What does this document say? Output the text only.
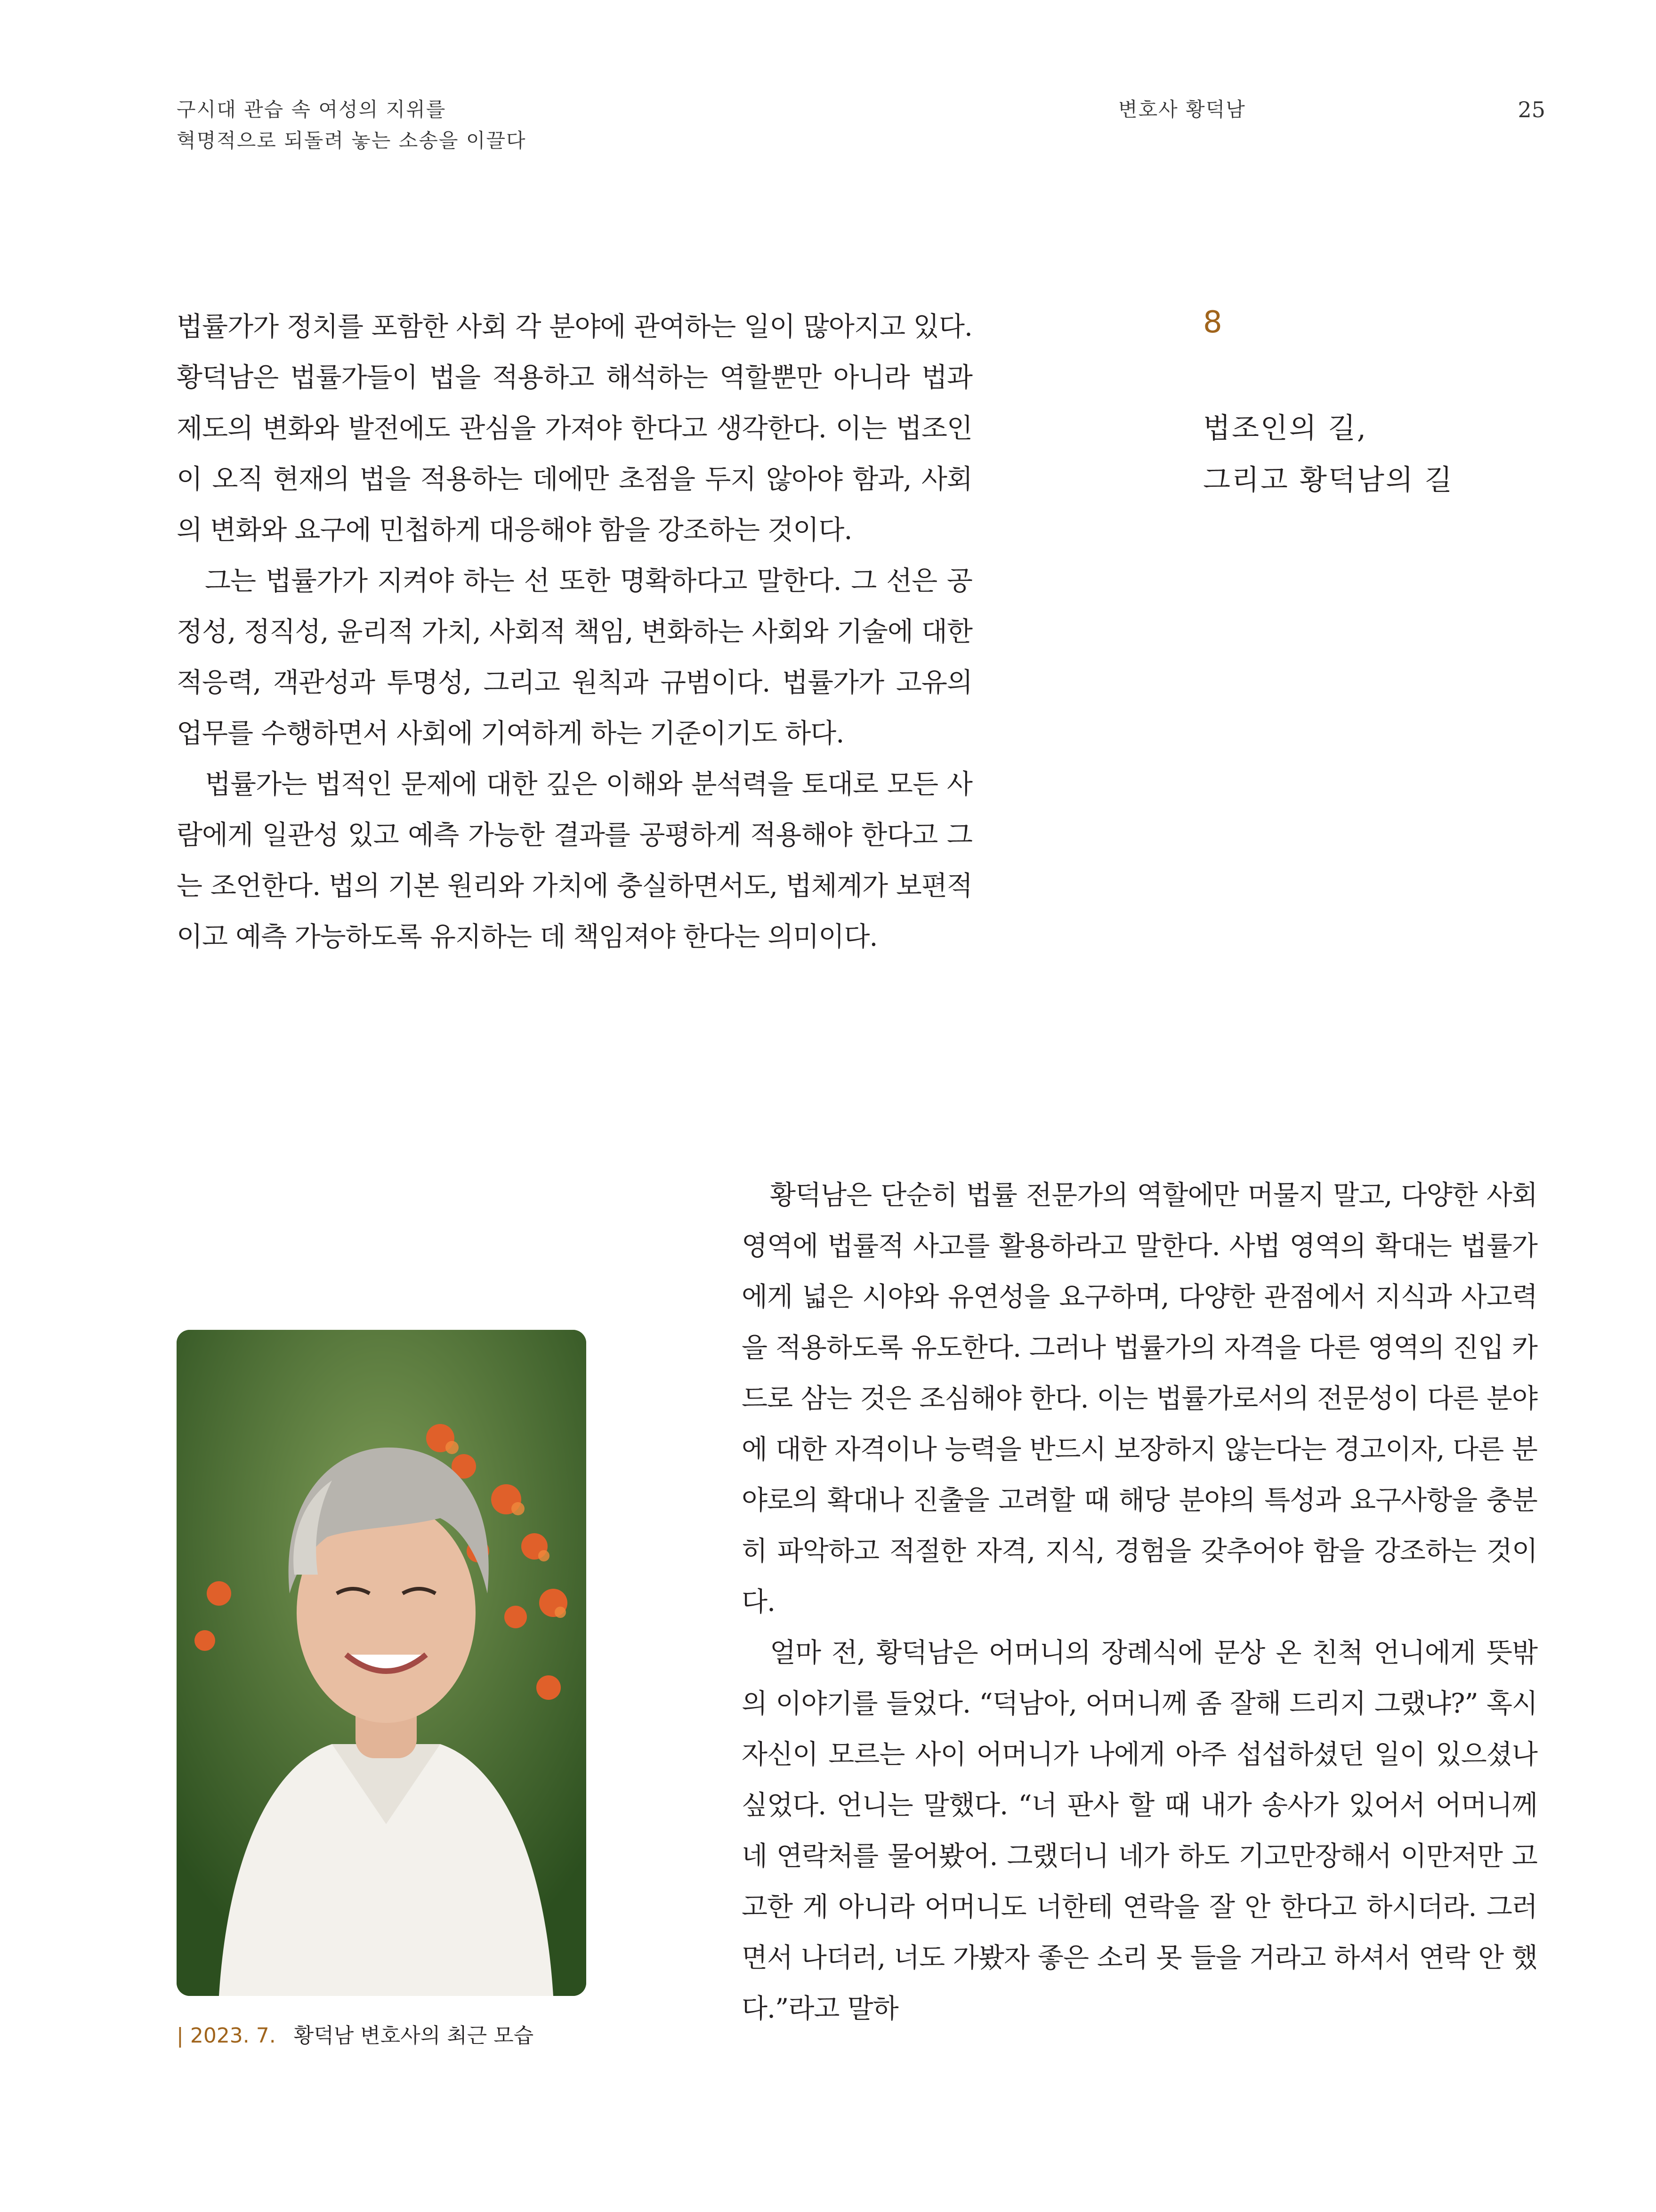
구시대 관습 속 여성의 지위를
혁명적으로 되돌려 놓는 소송을 이끌다
변호사 황덕남	25
8
법조인의 길,
그리고 황덕남의 길

법률가가 정치를 포함한 사회 각 분야에 관여하는 일이 많아지고 있다. 황덕남은 법률가들이 법을 적용하고 해석하는 역할뿐만 아니라 법과 제도의 변화와 발전에도 관심을 가져야 한다고 생각한다. 이는 법조인이 오직 현재의 법을 적용하는 데에만 초점을 두지 않아야 함과, 사회의 변화와 요구에 민첩하게 대응해야 함을 강조하는 것이다.

그는 법률가가 지켜야 하는 선 또한 명확하다고 말한다. 그 선은 공정성, 정직성, 윤리적 가치, 사회적 책임, 변화하는 사회와 기술에 대한 적응력, 객관성과 투명성, 그리고 원칙과 규범이다. 법률가가 고유의 업무를 수행하면서 사회에 기여하게 하는 기준이기도 하다.

법률가는 법적인 문제에 대한 깊은 이해와 분석력을 토대로 모든 사람에게 일관성 있고 예측 가능한 결과를 공평하게 적용해야 한다고 그는 조언한다. 법의 기본 원리와 가치에 충실하면서도, 법체계가 보편적이고 예측 가능하도록 유지하는 데 책임져야 한다는 의미이다.

| 2023. 7. 황덕남 변호사의 최근 모습

황덕남은 단순히 법률 전문가의 역할에만 머물지 말고, 다양한 사회 영역에 법률적 사고를 활용하라고 말한다. 사법 영역의 확대는 법률가에게 넓은 시야와 유연성을 요구하며, 다양한 관점에서 지식과 사고력을 적용하도록 유도한다. 그러나 법률가의 자격을 다른 영역의 진입 카드로 삼는 것은 조심해야 한다. 이는 법률가로서의 전문성이 다른 분야에 대한 자격이나 능력을 반드시 보장하지 않는다는 경고이자, 다른 분야로의 확대나 진출을 고려할 때 해당 분야의 특성과 요구사항을 충분히 파악하고 적절한 자격, 지식, 경험을 갖추어야 함을 강조하는 것이다.

얼마 전, 황덕남은 어머니의 장례식에 문상 온 친척 언니에게 뜻밖의 이야기를 들었다. “덕남아, 어머니께 좀 잘해 드리지 그랬냐?” 혹시 자신이 모르는 사이 어머니가 나에게 아주 섭섭하셨던 일이 있으셨나 싶었다. 언니는 말했다. “너 판사 할 때 내가 송사가 있어서 어머니께 네 연락처를 물어봤어. 그랬더니 네가 하도 기고만장해서 이만저만 고고한 게 아니라 어머니도 너한테 연락을 잘 안 한다고 하시더라. 그러면서 나더러, 너도 가봤자 좋은 소리 못 들을 거라고 하셔서 연락 안 했다.”라고 말하
